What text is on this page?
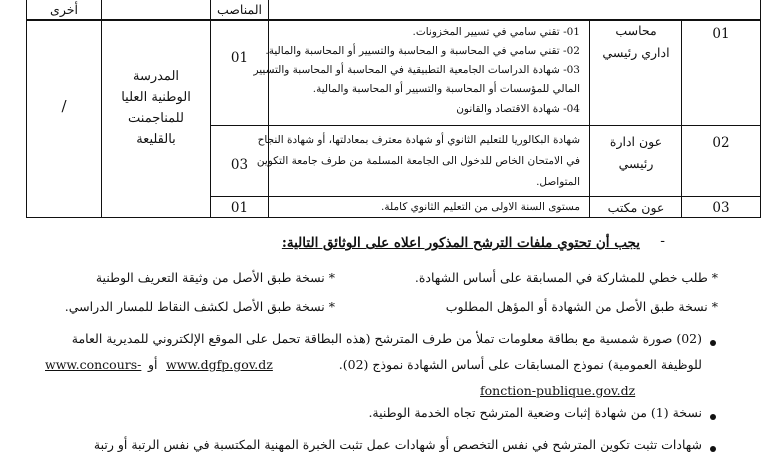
أخرى	المناصب
/
المدرسة الوطنية العليا للمناجمنت بالقليعة
01
محاسب اداري رئيسي
01
01- تقني سامي في تسيير المخزونات.
02- تقني سامي في المحاسبة و المحاسبة والتسيير أو المحاسبة والمالية.
03- شهادة الدراسات الجامعية التطبيقية في المحاسبة أو المحاسبة والتسيير
المالي للمؤسسات أو المحاسبة والتسيير أو المحاسبة والمالية.
04- شهادة الاقتصاد والقانون
02
عون ادارة رئيسي
03
شهادة البكالوريا للتعليم الثانوي أو شهادة معترف بمعادلتها، أو شهادة النجاح
في الامتحان الخاص للدخول الى الجامعة المسلمة من طرف جامعة التكوين
المتواصل.
03
عون مكتب
01	مستوى السنة الاولى من التعليم الثانوي كاملة.
-
يجب أن تحتوي ملفات الترشح المذكور اعلاه على الوثائق التالية:
* طلب خطي للمشاركة في المسابقة على أساس الشهادة.
* نسخة طبق الأصل من وثيقة التعريف الوطنية
* نسخة طبق الأصل من الشهادة أو المؤهل المطلوب
* نسخة طبق الأصل لكشف النقاط للمسار الدراسي.
(02) صورة شمسية مع بطاقة معلومات تملأ من طرف المترشح (هذه البطاقة تحمل على الموقع الإلكتروني للمديرية العامة
للوظيفة العمومية) نموذج المسابقات على أساس الشهادة نموذج (02).
www.dgfp.gov.dz
أو
www.concours-
fonction-publique.gov.dz
نسخة (1) من شهادة إثبات وضعية المترشح تجاه الخدمة الوطنية.
شهادات تثبت تكوين المترشح في نفس التخصص أو شهادات عمل تثبت الخبرة المهنية المكتسبة في نفس الرتبة أو رتبة
